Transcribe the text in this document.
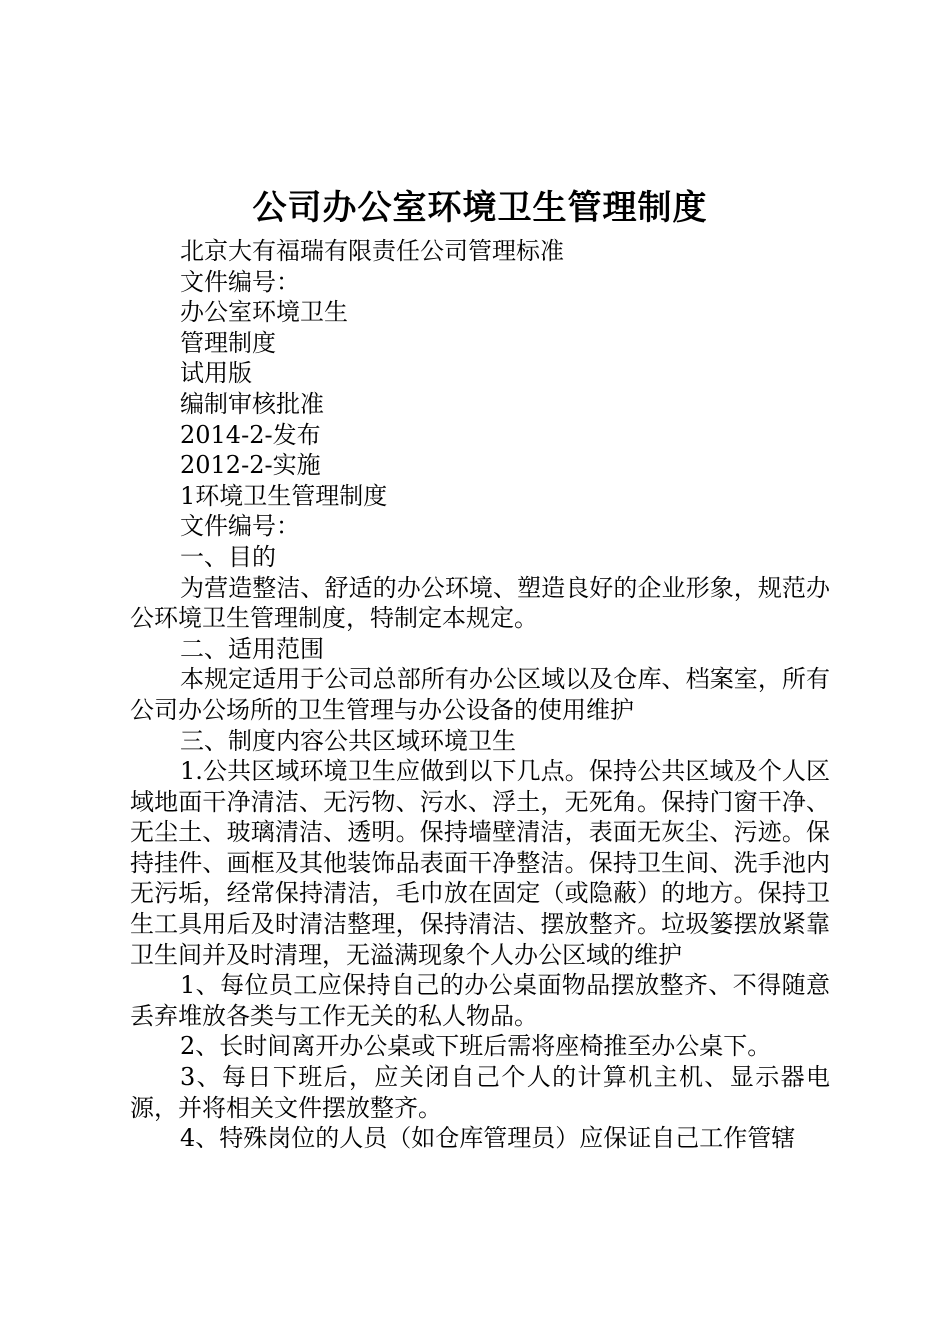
公司办公室环境卫生管理制度

北京大有福瑞有限责任公司管理标准

文件编号：

办公室环境卫生

管理制度

试用版

编制审核批准

2014-2-发布

2012-2-实施

1环境卫生管理制度

文件编号：

一、目的

为营造整洁、舒适的办公环境、塑造良好的企业形象，规范办公环境卫生管理制度，特制定本规定。

二、适用范围

本规定适用于公司总部所有办公区域以及仓库、档案室，所有公司办公场所的卫生管理与办公设备的使用维护

三、制度内容公共区域环境卫生

1.公共区域环境卫生应做到以下几点。保持公共区域及个人区域地面干净清洁、无污物、污水、浮土，无死角。保持门窗干净、无尘土、玻璃清洁、透明。保持墙壁清洁，表面无灰尘、污迹。保持挂件、画框及其他装饰品表面干净整洁。保持卫生间、洗手池内无污垢，经常保持清洁，毛巾放在固定（或隐蔽）的地方。保持卫生工具用后及时清洁整理，保持清洁、摆放整齐。垃圾篓摆放紧靠卫生间并及时清理，无溢满现象个人办公区域的维护

1、每位员工应保持自己的办公桌面物品摆放整齐、不得随意丢弃堆放各类与工作无关的私人物品。

2、长时间离开办公桌或下班后需将座椅推至办公桌下。

3、每日下班后，应关闭自己个人的计算机主机、显示器电源，并将相关文件摆放整齐。

4、特殊岗位的人员（如仓库管理员）应保证自己工作管辖
